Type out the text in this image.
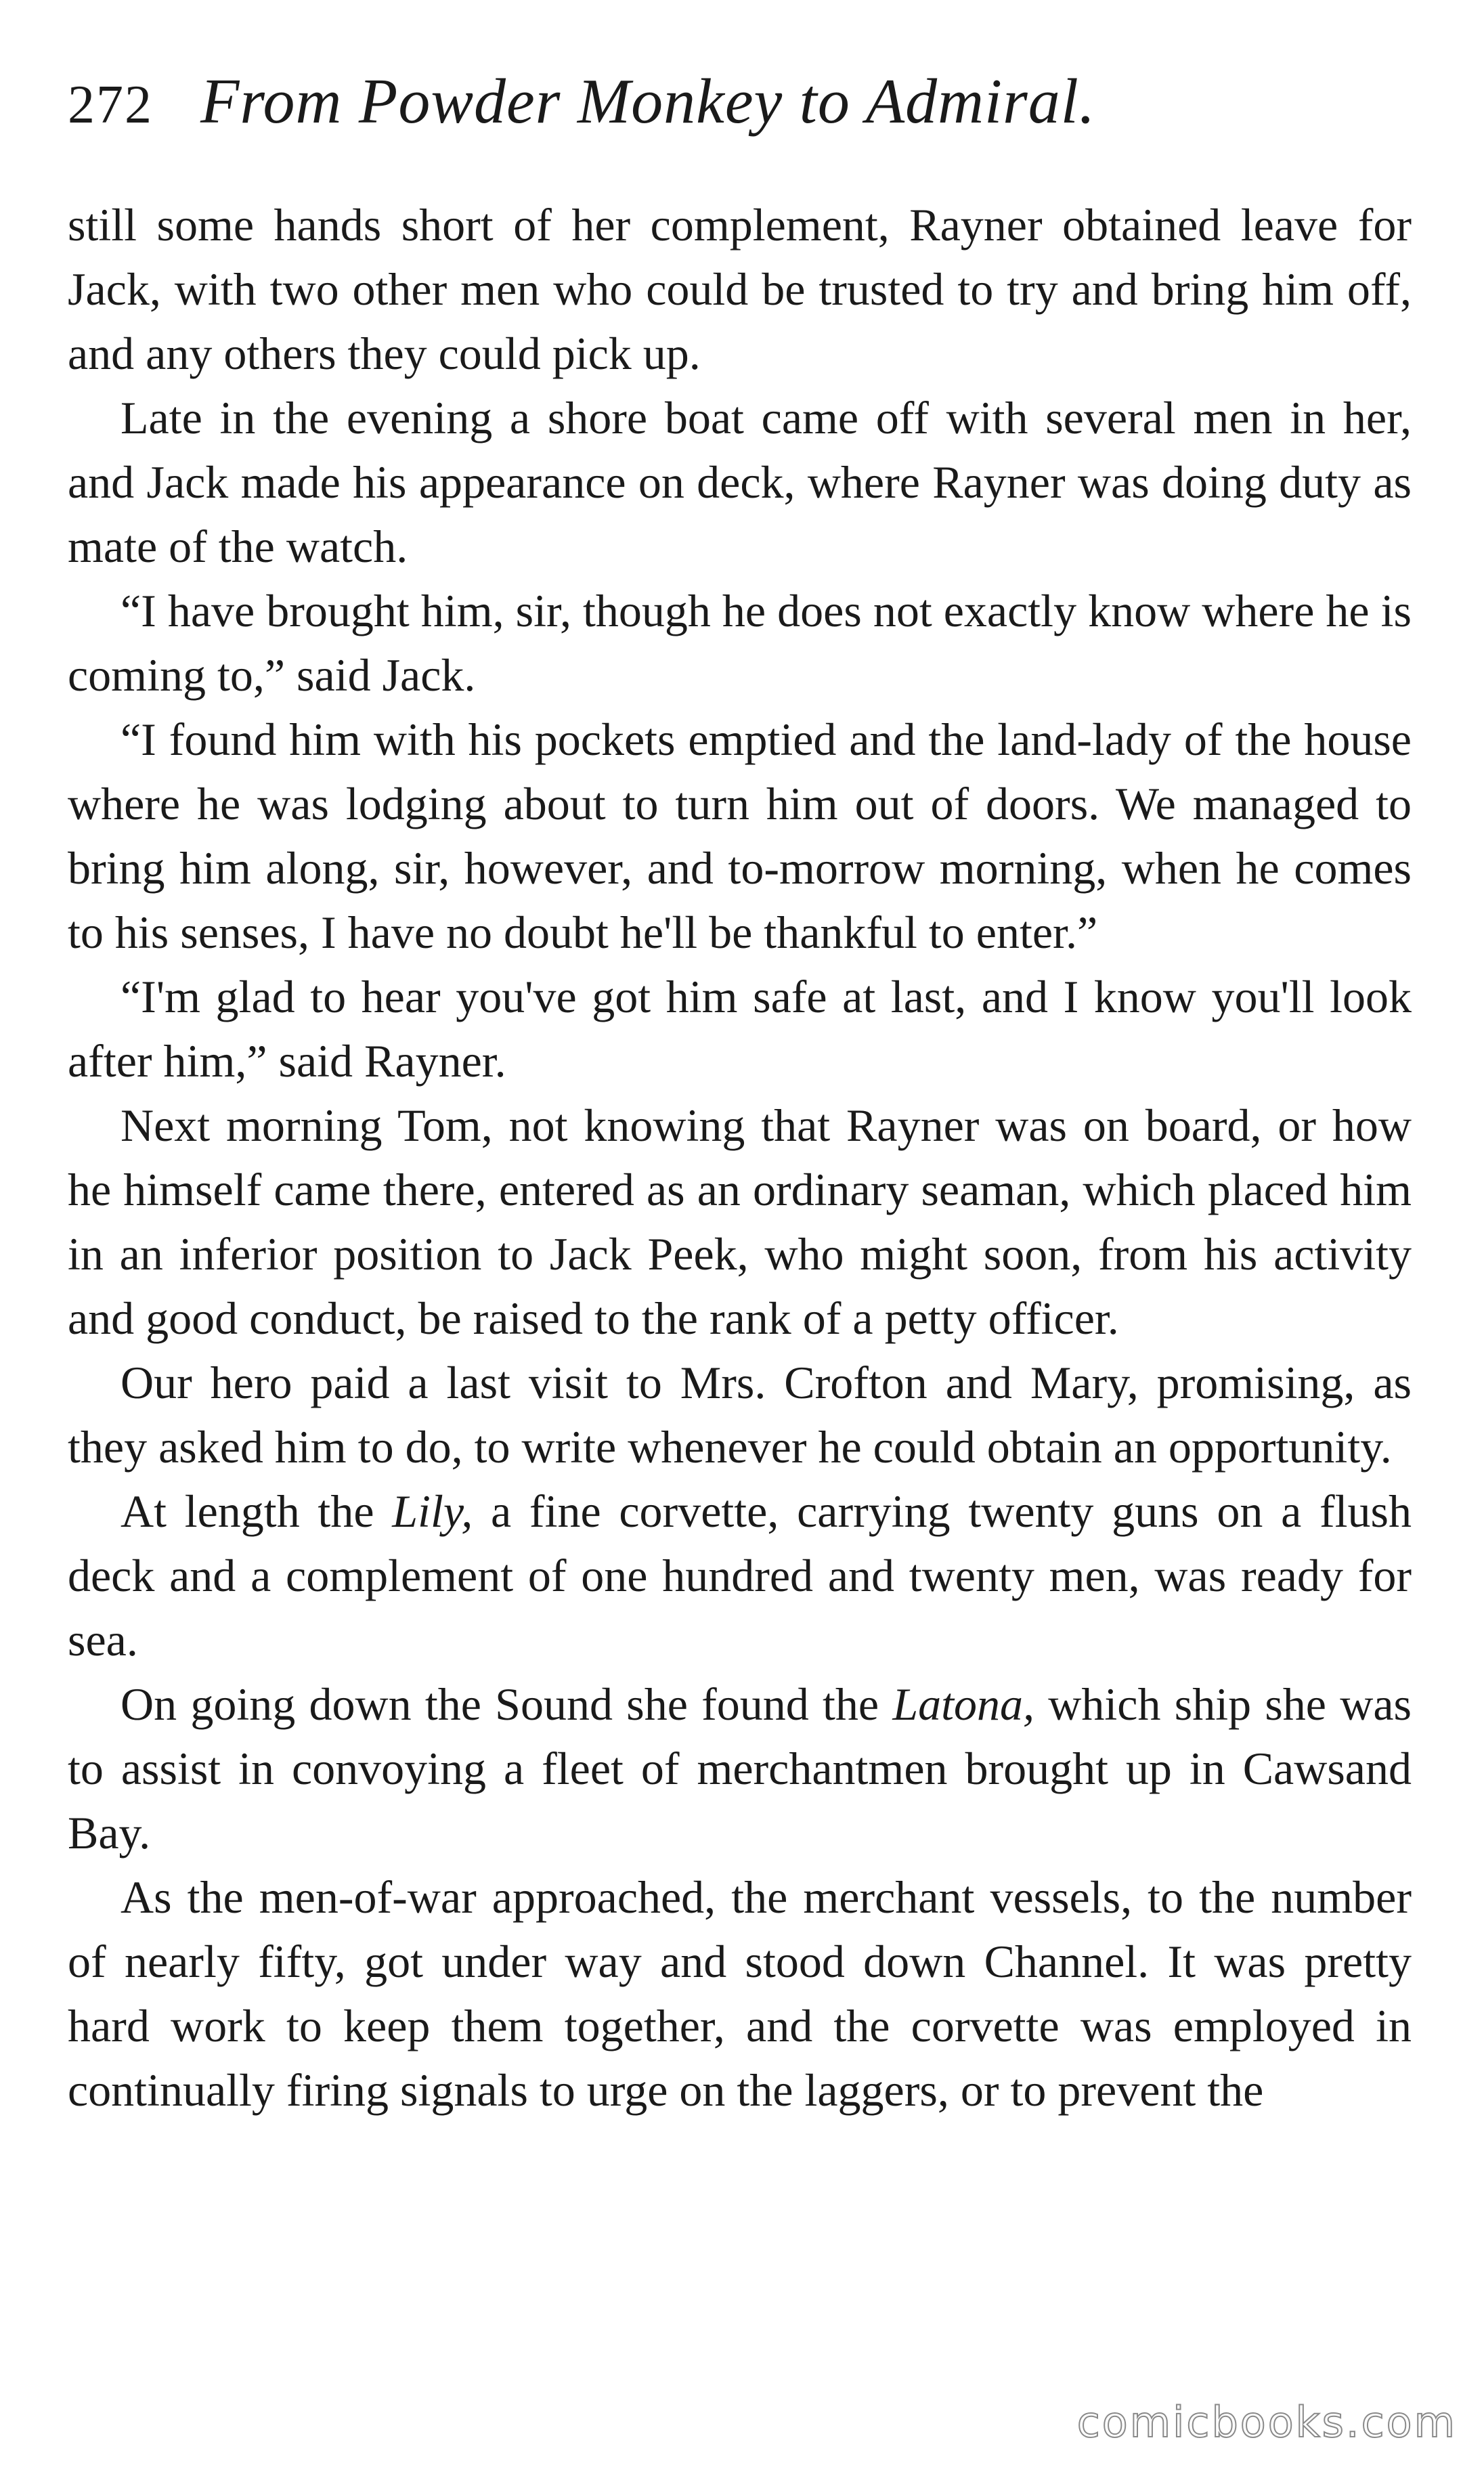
272 From Powder Monkey to Admiral.

still some hands short of her complement, Rayner obtained leave for Jack, with two other men who could be trusted to try and bring him off, and any others they could pick up.

Late in the evening a shore boat came off with several men in her, and Jack made his appearance on deck, where Rayner was doing duty as mate of the watch.

“I have brought him, sir, though he does not exactly know where he is coming to,” said Jack.

“I found him with his pockets emptied and the land-lady of the house where he was lodging about to turn him out of doors. We managed to bring him along, sir, however, and to-morrow morning, when he comes to his senses, I have no doubt he'll be thankful to enter.”

“I'm glad to hear you've got him safe at last, and I know you'll look after him,” said Rayner.

Next morning Tom, not knowing that Rayner was on board, or how he himself came there, entered as an ordinary seaman, which placed him in an inferior position to Jack Peek, who might soon, from his activity and good conduct, be raised to the rank of a petty officer.

Our hero paid a last visit to Mrs. Crofton and Mary, promising, as they asked him to do, to write whenever he could obtain an opportunity.

At length the Lily, a fine corvette, carrying twenty guns on a flush deck and a complement of one hundred and twenty men, was ready for sea.

On going down the Sound she found the Latona, which ship she was to assist in convoying a fleet of merchantmen brought up in Cawsand Bay.

As the men-of-war approached, the merchant vessels, to the number of nearly fifty, got under way and stood down Channel. It was pretty hard work to keep them together, and the corvette was employed in continually firing signals to urge on the laggers, or to prevent the

comicbooks.com
